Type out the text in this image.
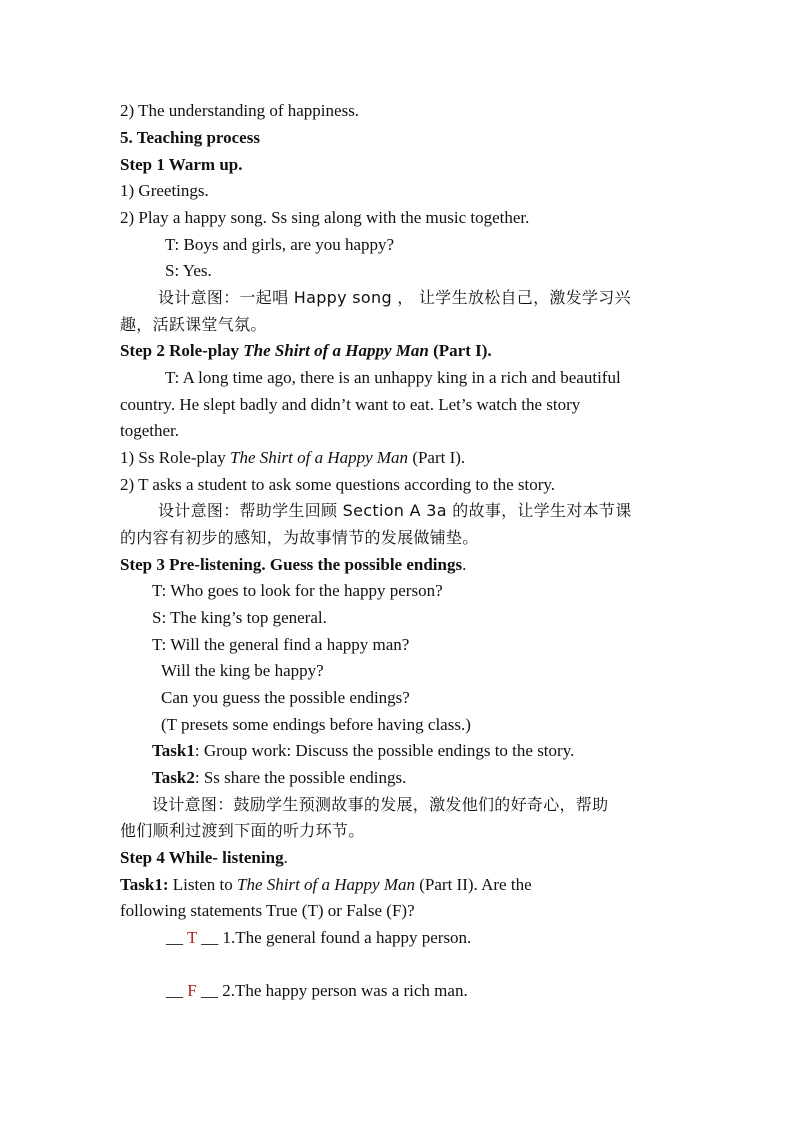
2) The understanding of happiness.
5. Teaching process
Step 1 Warm up.
1) Greetings.
2) Play a happy song. Ss sing along with the music together.
T: Boys and girls, are you happy?
S: Yes.
设计意图：一起唱 Happy song ， 让学生放松自己，激发学习兴
趣，活跃课堂气氛。
Step 2 Role-play The Shirt of a Happy Man (Part I).
T: A long time ago, there is an unhappy king in a rich and beautiful
country. He slept badly and didn’t want to eat. Let’s watch the story
together.
1) Ss Role-play The Shirt of a Happy Man (Part I).
2) T asks a student to ask some questions according to the story.
设计意图：帮助学生回顾 Section A 3a 的故事，让学生对本节课
的内容有初步的感知，为故事情节的发展做铺垫。
Step 3 Pre-listening. Guess the possible endings.
T: Who goes to look for the happy person?
S: The king’s top general.
T: Will the general find a happy man?
Will the king be happy?
Can you guess the possible endings?
(T presets some endings before having class.)
Task1: Group work: Discuss the possible endings to the story.
Task2: Ss share the possible endings.
设计意图：鼓励学生预测故事的发展，激发他们的好奇心，帮助
他们顺利过渡到下面的听力环节。
Step 4 While- listening.
Task1: Listen to The Shirt of a Happy Man (Part II). Are the
following statements True (T) or False (F)?
__ T __ 1.The general found a happy person.
__ F __ 2.The happy person was a rich man.
